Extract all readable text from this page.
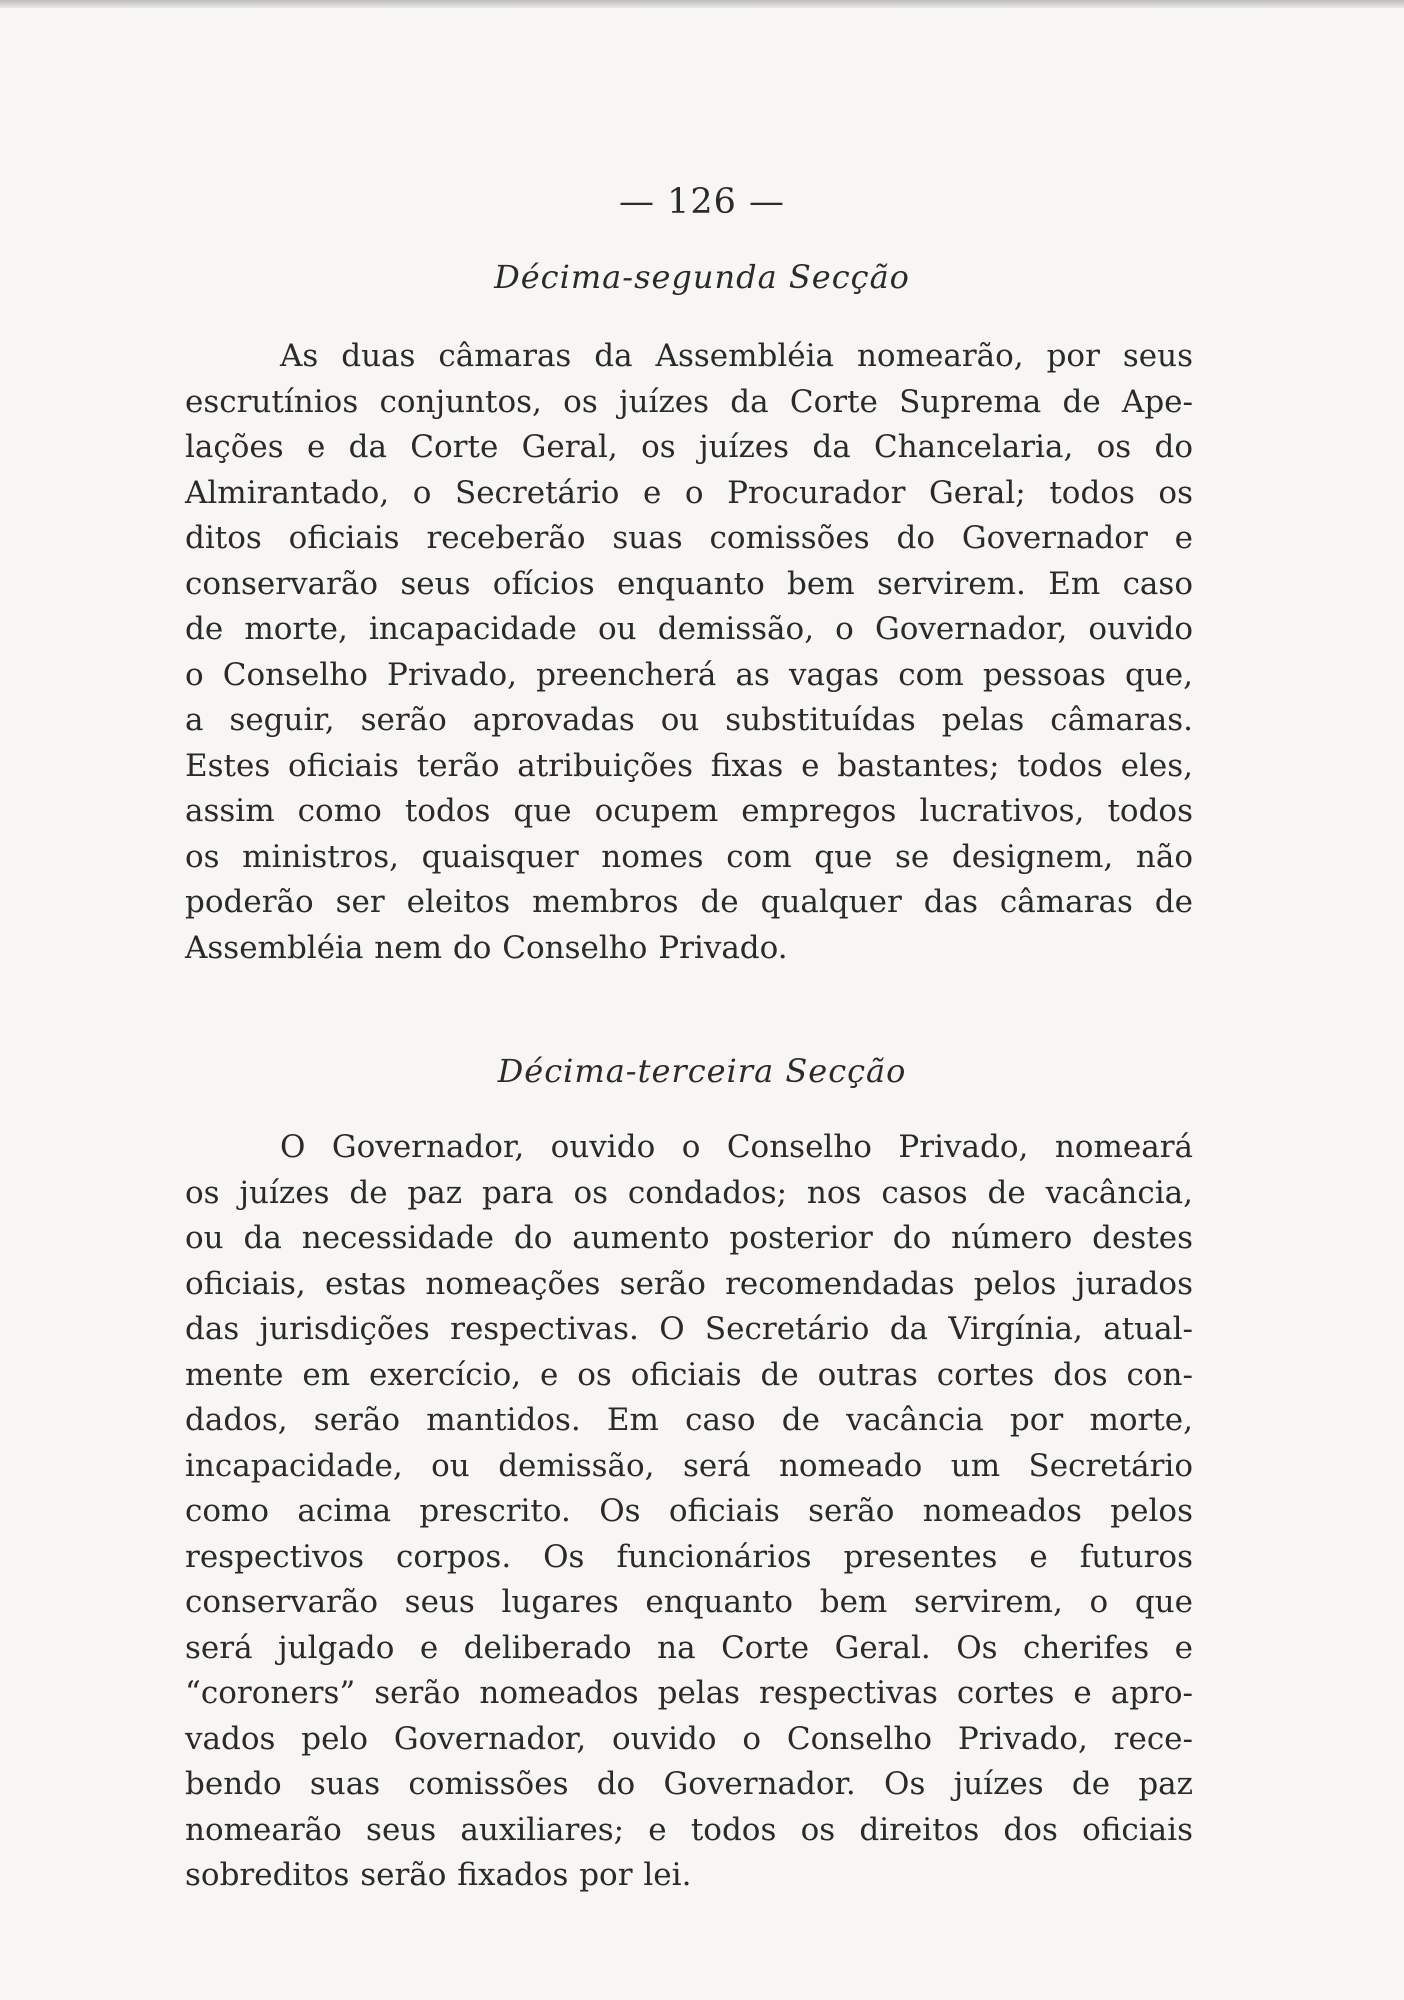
— 126 —
Décima-segunda Secção
As duas câmaras da Assembléia nomearão, por seus
escrutínios conjuntos, os juízes da Corte Suprema de Ape-
lações e da Corte Geral, os juízes da Chancelaria, os do
Almirantado, o Secretário e o Procurador Geral; todos os
ditos oficiais receberão suas comissões do Governador e
conservarão seus ofícios enquanto bem servirem. Em caso
de morte, incapacidade ou demissão, o Governador, ouvido
o Conselho Privado, preencherá as vagas com pessoas que,
a seguir, serão aprovadas ou substituídas pelas câmaras.
Estes oficiais terão atribuições fixas e bastantes; todos eles,
assim como todos que ocupem empregos lucrativos, todos
os ministros, quaisquer nomes com que se designem, não
poderão ser eleitos membros de qualquer das câmaras de
Assembléia nem do Conselho Privado.
Décima-terceira Secção
O Governador, ouvido o Conselho Privado, nomeará
os juízes de paz para os condados; nos casos de vacância,
ou da necessidade do aumento posterior do número destes
oficiais, estas nomeações serão recomendadas pelos jurados
das jurisdições respectivas. O Secretário da Virgínia, atual-
mente em exercício, e os oficiais de outras cortes dos con-
dados, serão mantidos. Em caso de vacância por morte,
incapacidade, ou demissão, será nomeado um Secretário
como acima prescrito. Os oficiais serão nomeados pelos
respectivos corpos. Os funcionários presentes e futuros
conservarão seus lugares enquanto bem servirem, o que
será julgado e deliberado na Corte Geral. Os cherifes e
“coroners” serão nomeados pelas respectivas cortes e apro-
vados pelo Governador, ouvido o Conselho Privado, rece-
bendo suas comissões do Governador. Os juízes de paz
nomearão seus auxiliares; e todos os direitos dos oficiais
sobreditos serão fixados por lei.
